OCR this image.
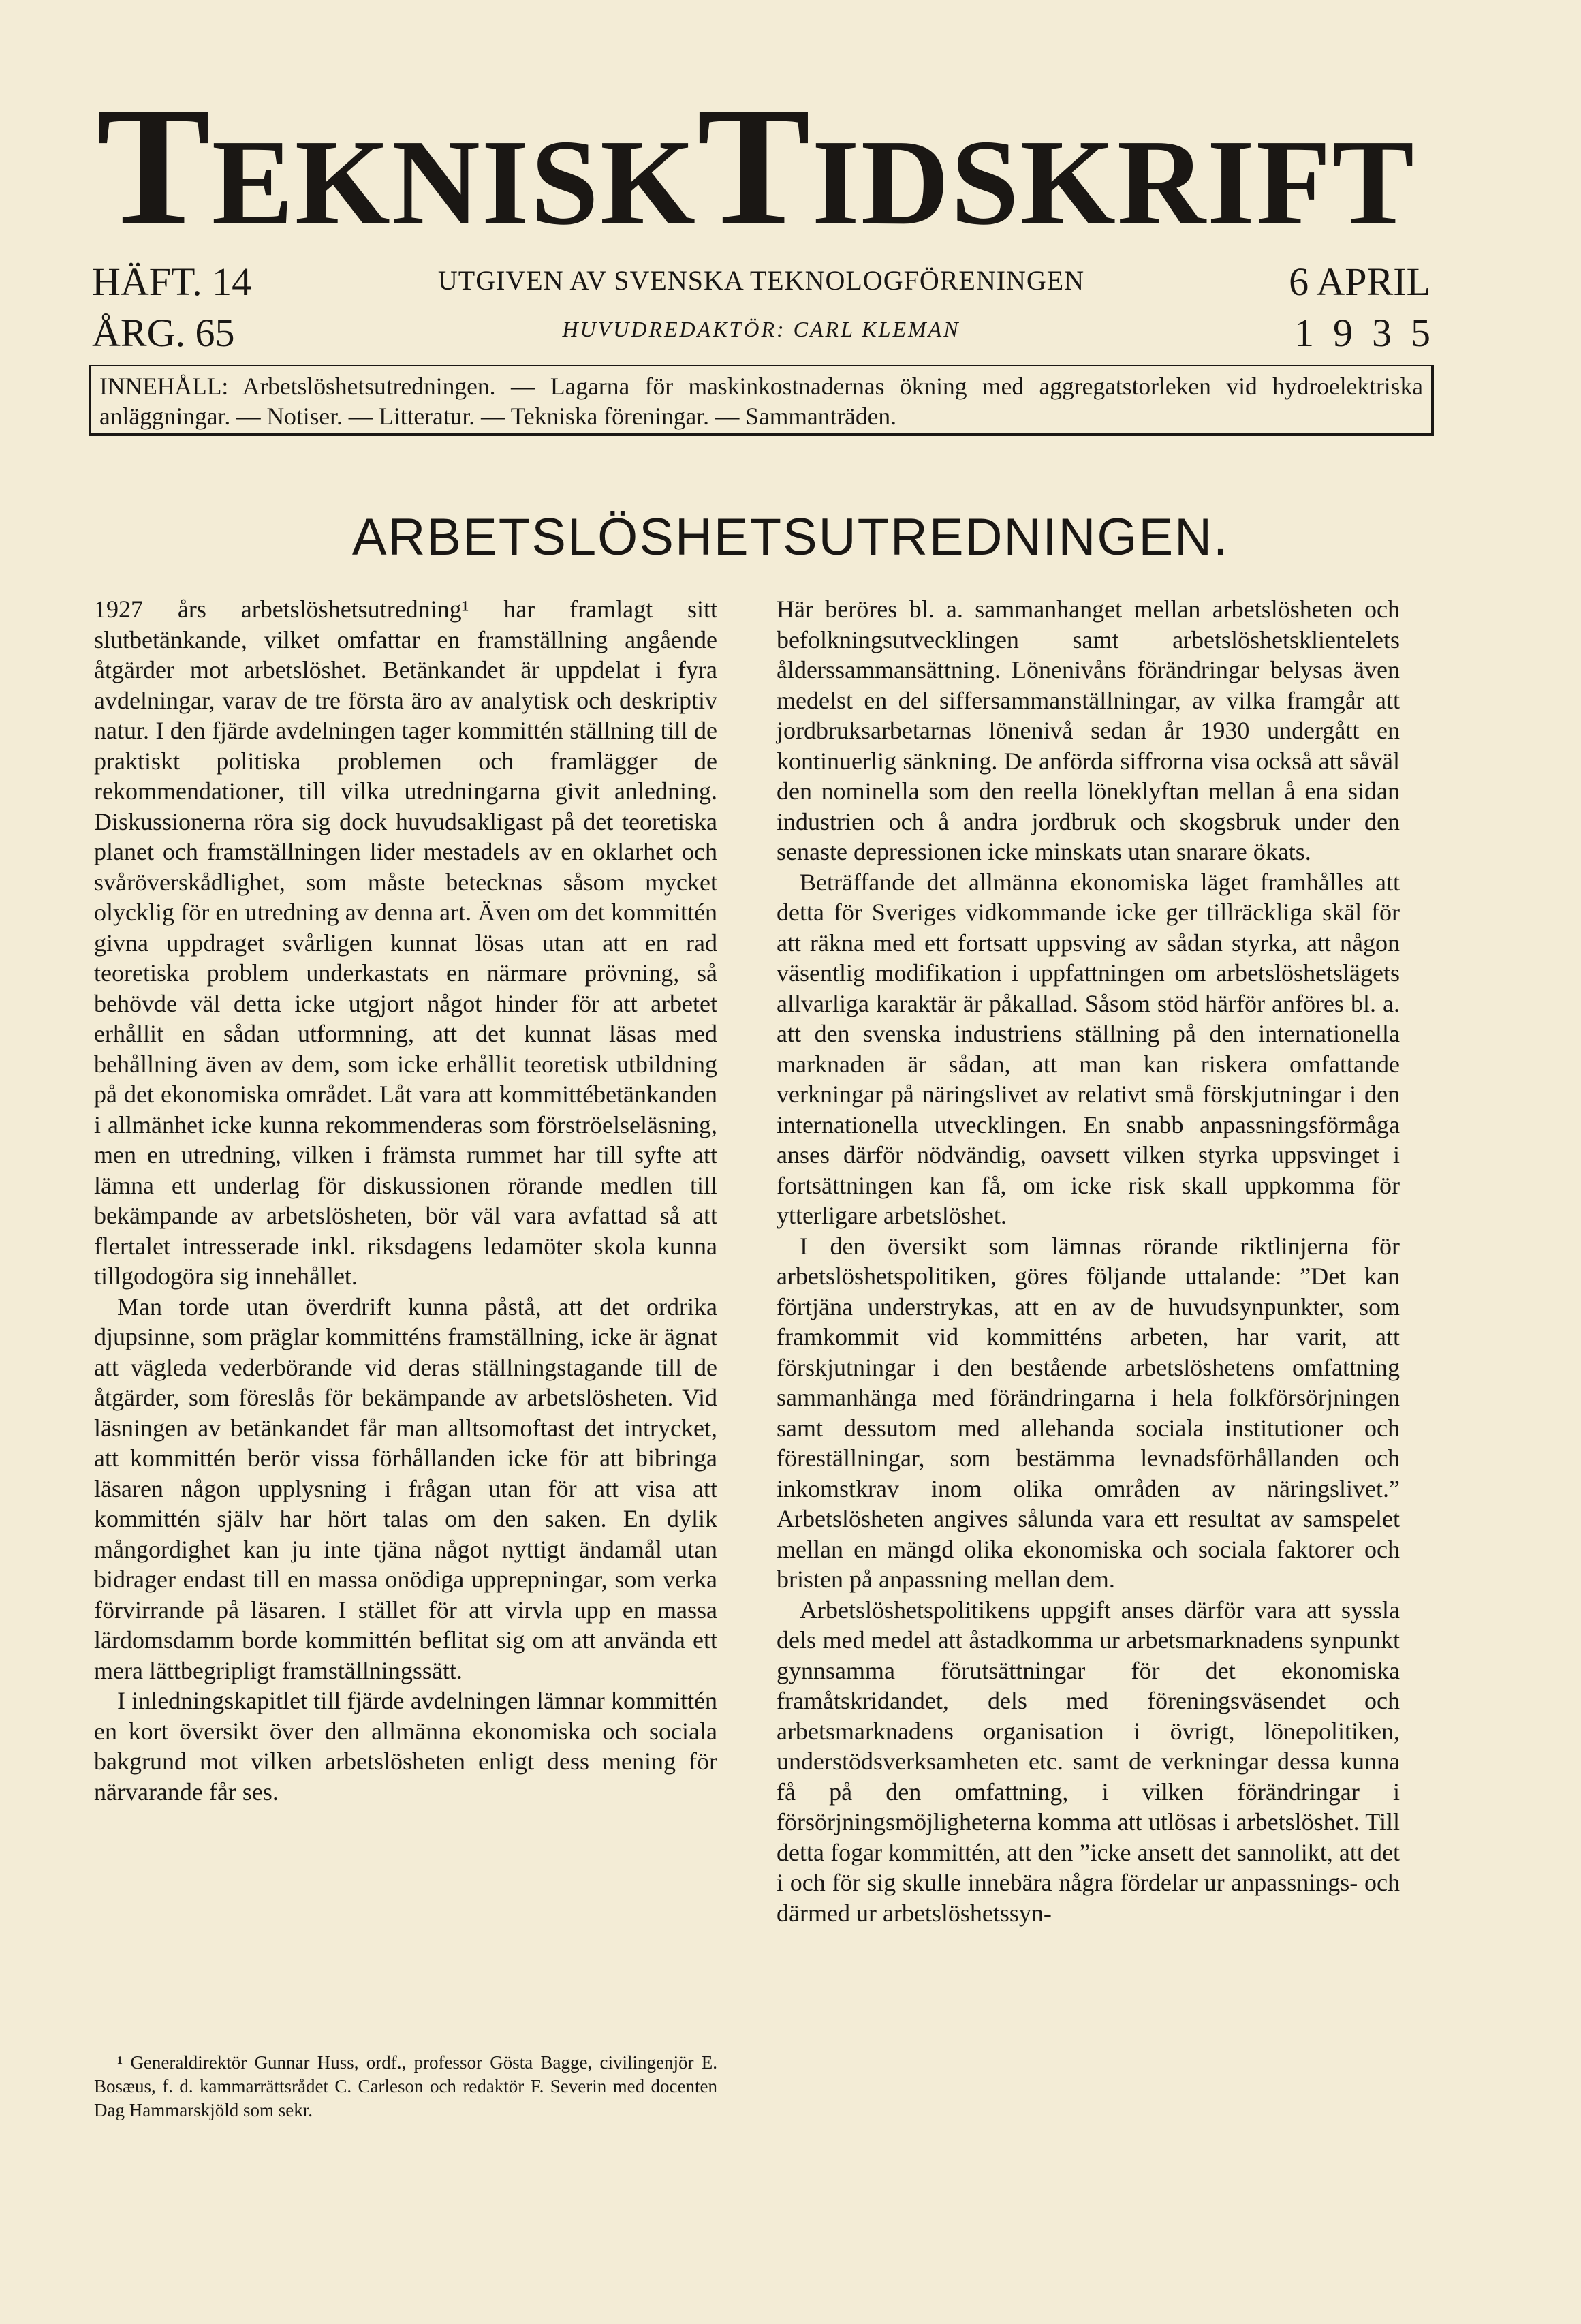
TEKNISKTIDSKRIFT
HÄFT. 14	UTGIVEN AV SVENSKA TEKNOLOGFÖRENINGEN	6 APRIL
ÅRG. 65	HUVUDREDAKTÖR: CARL KLEMAN	1935
INNEHÅLL: Arbetslöshetsutredningen. — Lagarna för maskinkostnadernas ökning med aggregatstorleken vid hydroelektriska anläggningar. — Notiser. — Litteratur. — Tekniska föreningar. — Sammanträden.
ARBETSLÖSHETSUTREDNINGEN.

1927 års arbetslöshetsutredning¹ har framlagt sitt slutbetänkande, vilket omfattar en framställning angående åtgärder mot arbetslöshet. Betänkandet är uppdelat i fyra avdelningar, varav de tre första äro av analytisk och deskriptiv natur. I den fjärde avdelningen tager kommittén ställning till de praktiskt politiska problemen och framlägger de rekommendationer, till vilka utredningarna givit anledning. Diskussionerna röra sig dock huvudsakligast på det teoretiska planet och framställningen lider mestadels av en oklarhet och svåröverskådlighet, som måste betecknas såsom mycket olycklig för en utredning av denna art. Även om det kommittén givna uppdraget svårligen kunnat lösas utan att en rad teoretiska problem underkastats en närmare prövning, så behövde väl detta icke utgjort något hinder för att arbetet erhållit en sådan utformning, att det kunnat läsas med behållning även av dem, som icke erhållit teoretisk utbildning på det ekonomiska området. Låt vara att kommittébetänkanden i allmänhet icke kunna rekommenderas som förströelseläsning, men en utredning, vilken i främsta rummet har till syfte att lämna ett underlag för diskussionen rörande medlen till bekämpande av arbetslösheten, bör väl vara avfattad så att flertalet intresserade inkl. riksdagens ledamöter skola kunna tillgodogöra sig innehållet.

Man torde utan överdrift kunna påstå, att det ordrika djupsinne, som präglar kommitténs framställning, icke är ägnat att vägleda vederbörande vid deras ställningstagande till de åtgärder, som föreslås för bekämpande av arbetslösheten. Vid läsningen av betänkandet får man alltsomoftast det intrycket, att kommittén berör vissa förhållanden icke för att bibringa läsaren någon upplysning i frågan utan för att visa att kommittén själv har hört talas om den saken. En dylik mångordighet kan ju inte tjäna något nyttigt ändamål utan bidrager endast till en massa onödiga upprepningar, som verka förvirrande på läsaren. I stället för att virvla upp en massa lärdomsdamm borde kommittén beflitat sig om att använda ett mera lättbegripligt framställningssätt.

I inledningskapitlet till fjärde avdelningen lämnar kommittén en kort översikt över den allmänna ekonomiska och sociala bakgrund mot vilken arbetslösheten enligt dess mening för närvarande får ses.

¹ Generaldirektör Gunnar Huss, ordf., professor Gösta Bagge, civilingenjör E. Bosæus, f. d. kammarrättsrådet C. Carleson och redaktör F. Severin med docenten Dag Hammarskjöld som sekr.

Här beröres bl. a. sammanhanget mellan arbetslösheten och befolkningsutvecklingen samt arbetslöshetsklientelets ålderssammansättning. Lönenivåns förändringar belysas även medelst en del siffersammanställningar, av vilka framgår att jordbruksarbetarnas lönenivå sedan år 1930 undergått en kontinuerlig sänkning. De anförda siffrorna visa också att såväl den nominella som den reella löneklyftan mellan å ena sidan industrien och å andra jordbruk och skogsbruk under den senaste depressionen icke minskats utan snarare ökats.

Beträffande det allmänna ekonomiska läget framhålles att detta för Sveriges vidkommande icke ger tillräckliga skäl för att räkna med ett fortsatt uppsving av sådan styrka, att någon väsentlig modifikation i uppfattningen om arbetslöshetslägets allvarliga karaktär är påkallad. Såsom stöd härför anföres bl. a. att den svenska industriens ställning på den internationella marknaden är sådan, att man kan riskera omfattande verkningar på näringslivet av relativt små förskjutningar i den internationella utvecklingen. En snabb anpassningsförmåga anses därför nödvändig, oavsett vilken styrka uppsvinget i fortsättningen kan få, om icke risk skall uppkomma för ytterligare arbetslöshet.

I den översikt som lämnas rörande riktlinjerna för arbetslöshetspolitiken, göres följande uttalande: ”Det kan förtjäna understrykas, att en av de huvudsynpunkter, som framkommit vid kommitténs arbeten, har varit, att förskjutningar i den bestående arbetslöshetens omfattning sammanhänga med förändringarna i hela folkförsörjningen samt dessutom med allehanda sociala institutioner och föreställningar, som bestämma levnadsförhållanden och inkomstkrav inom olika områden av näringslivet.” Arbetslösheten angives sålunda vara ett resultat av samspelet mellan en mängd olika ekonomiska och sociala faktorer och bristen på anpassning mellan dem.

Arbetslöshetspolitikens uppgift anses därför vara att syssla dels med medel att åstadkomma ur arbetsmarknadens synpunkt gynnsamma förutsättningar för det ekonomiska framåtskridandet, dels med föreningsväsendet och arbetsmarknadens organisation i övrigt, lönepolitiken, understödsverksamheten etc. samt de verkningar dessa kunna få på den omfattning, i vilken förändringar i försörjningsmöjligheterna komma att utlösas i arbetslöshet. Till detta fogar kommittén, att den ”icke ansett det sannolikt, att det i och för sig skulle innebära några fördelar ur anpassnings- och därmed ur arbetslöshetssyn-
